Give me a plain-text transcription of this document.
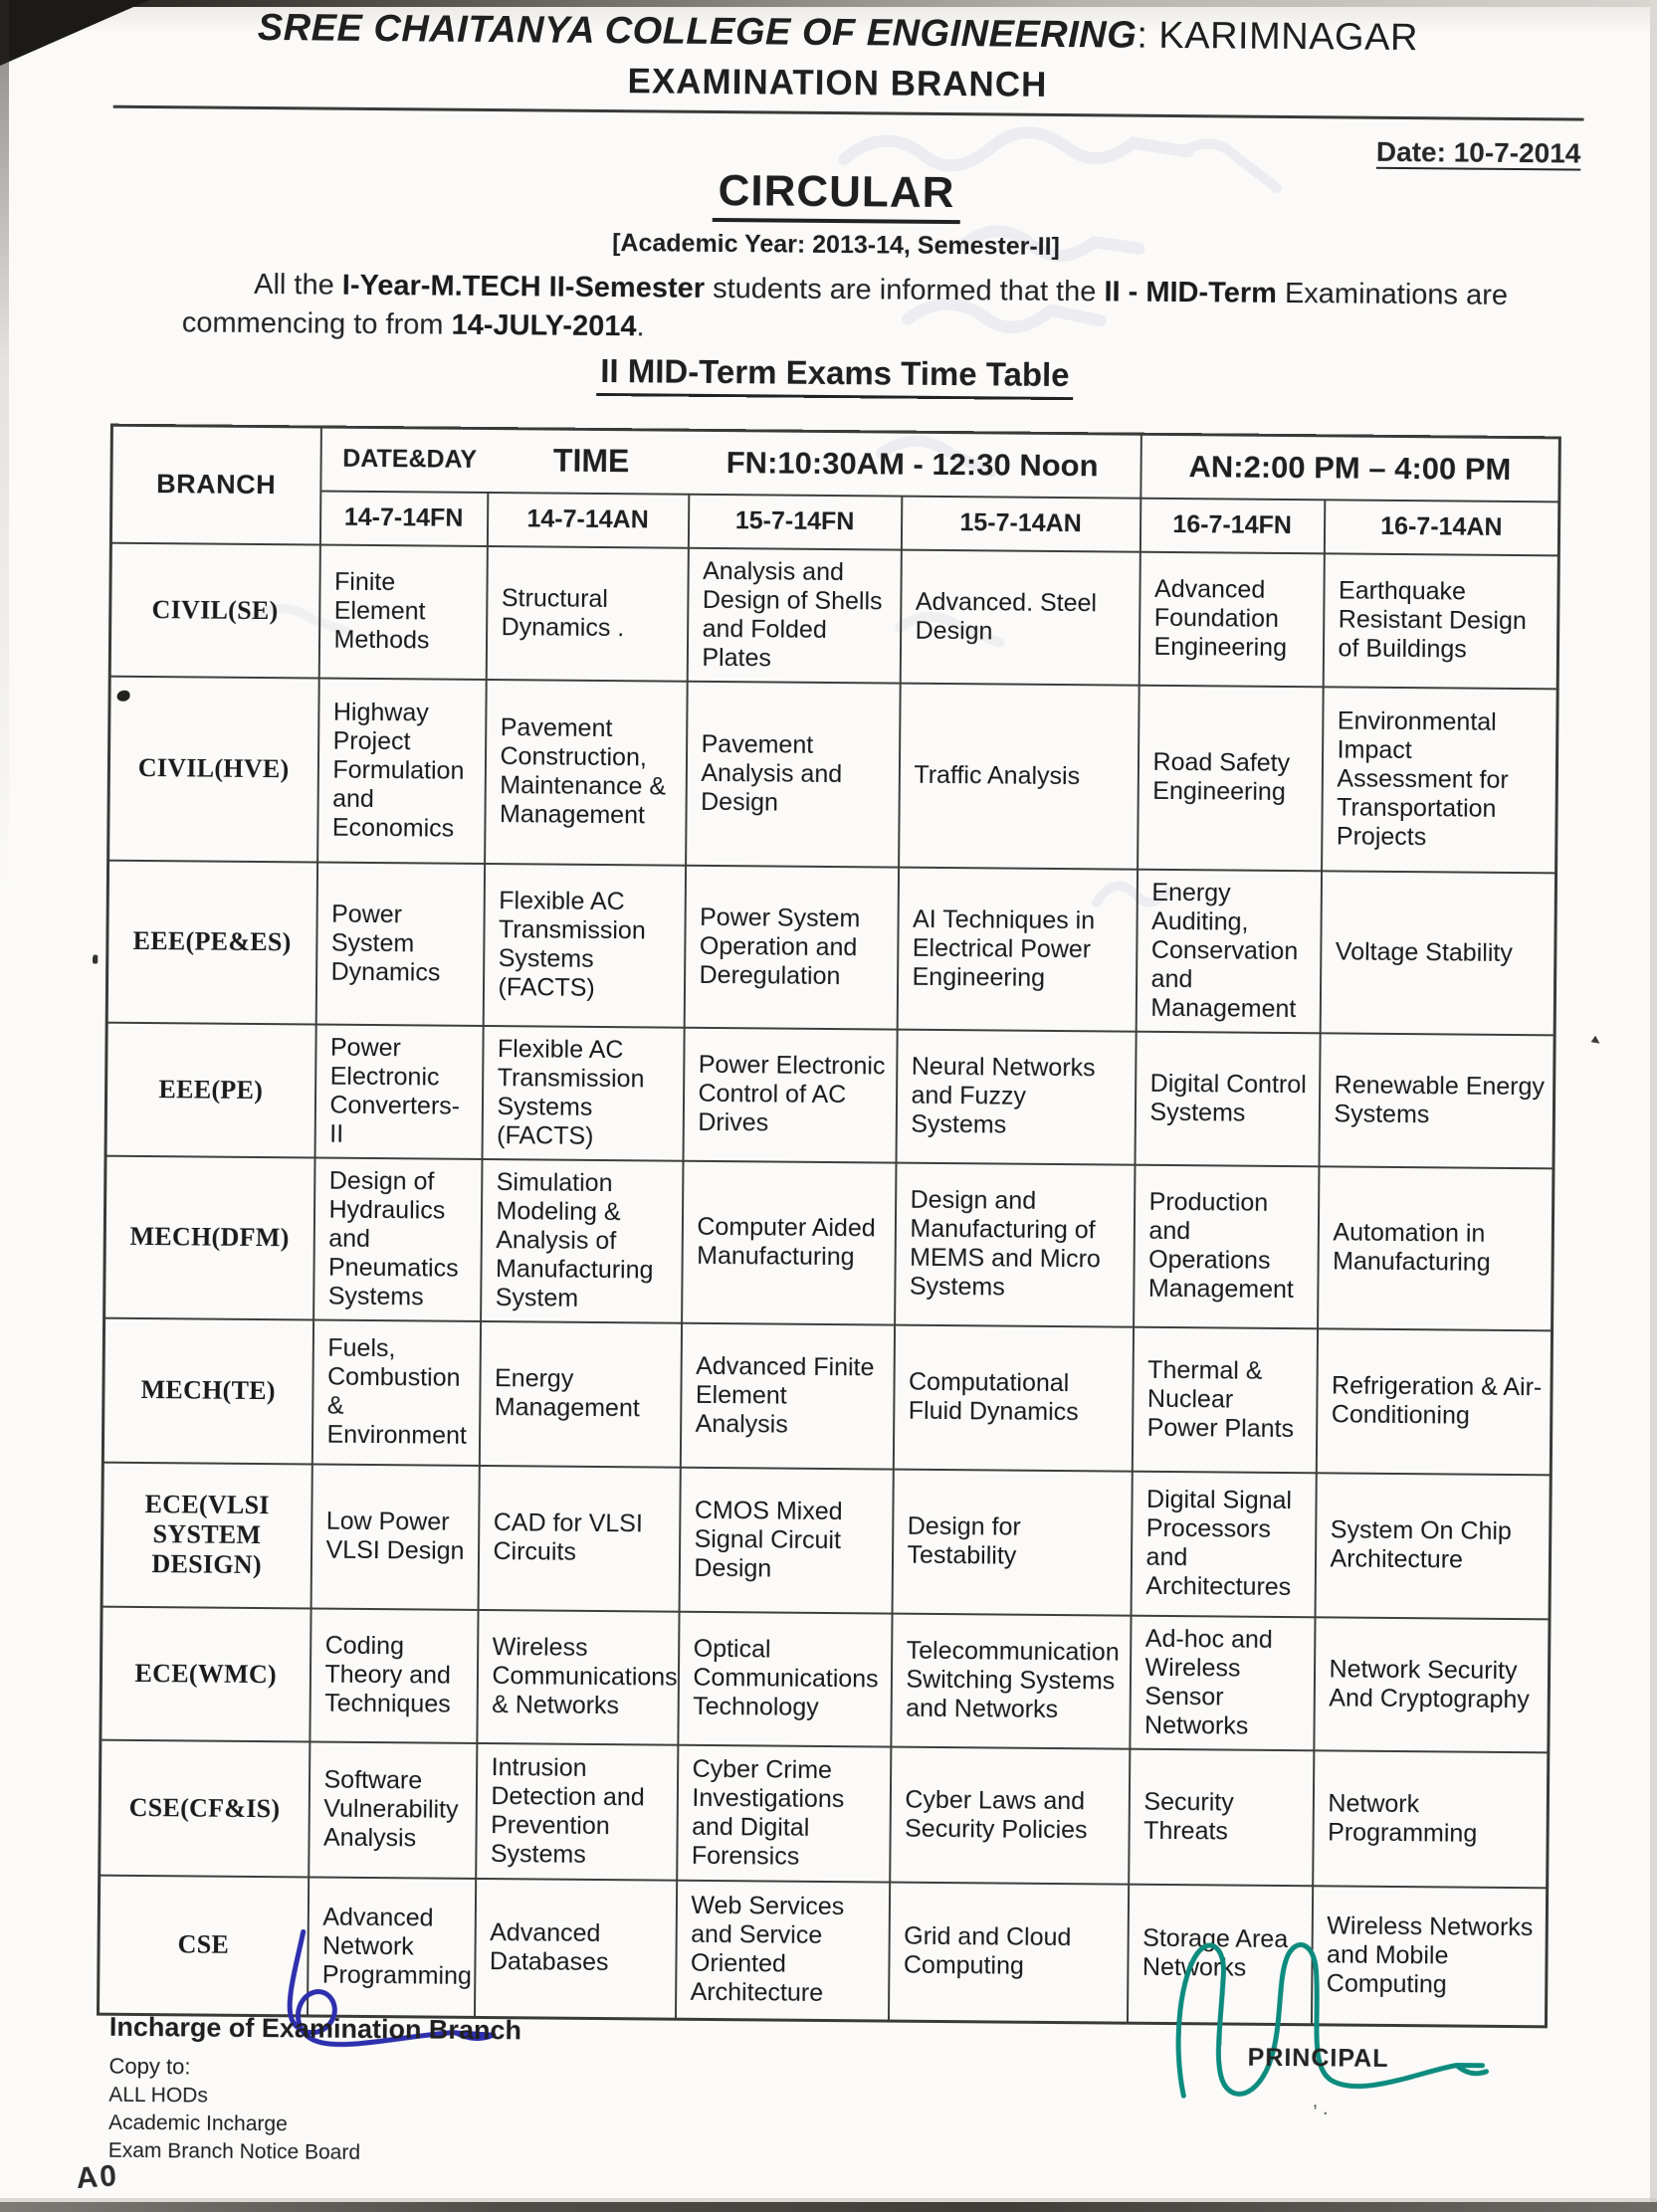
SREE CHAITANYA COLLEGE OF ENGINEERING: KARIMNAGAR
EXAMINATION BRANCH
Date: 10-7-2014
CIRCULAR
[Academic Year: 2013-14, Semester-II]
All the I-Year-M.TECH II-Semester students are informed that the II - MID-Term Examinations are commencing to from 14-JULY-2014.
II MID-Term Exams Time Table
BRANCH	DATE&DAY TIME FN:10:30AM - 12:30 Noon				AN:2:00 PM – 4:00 PM	
	14-7-14FN	14-7-14AN	15-7-14FN	15-7-14AN	16-7-14FN	16-7-14AN
CIVIL(SE)	Finite Element Methods	Structural Dynamics .	Analysis and Design of Shells and Folded Plates	Advanced. Steel Design	Advanced Foundation Engineering	Earthquake Resistant Design of Buildings
CIVIL(HVE)	Highway Project Formulation and Economics	Pavement Construction, Maintenance & Management	Pavement Analysis and Design	Traffic Analysis	Road Safety Engineering	Environmental Impact Assessment for Transportation Projects
EEE(PE&ES)	Power System Dynamics	Flexible AC Transmission Systems (FACTS)	Power System Operation and Deregulation	AI Techniques in Electrical Power Engineering	Energy Auditing, Conservation and Management	Voltage Stability
EEE(PE)	Power Electronic Converters-II	Flexible AC Transmission Systems (FACTS)	Power Electronic Control of AC Drives	Neural Networks and Fuzzy Systems	Digital Control Systems	Renewable Energy Systems
MECH(DFM)	Design of Hydraulics and Pneumatics Systems	Simulation Modeling & Analysis of Manufacturing System	Computer Aided Manufacturing	Design and Manufacturing of MEMS and Micro Systems	Production and Operations Management	Automation in Manufacturing
MECH(TE)	Fuels, Combustion & Environment	Energy Management	Advanced Finite Element Analysis	Computational Fluid Dynamics	Thermal & Nuclear Power Plants	Refrigeration & Air- Conditioning
ECE(VLSI SYSTEM DESIGN)	Low Power VLSI Design	CAD for VLSI Circuits	CMOS Mixed Signal Circuit Design	Design for Testability	Digital Signal Processors and Architectures	System On Chip Architecture
ECE(WMC)	Coding Theory and Techniques	Wireless Communications & Networks	Optical Communications Technology	Telecommunication Switching Systems and Networks	Ad-hoc and Wireless Sensor Networks	Network Security And Cryptography
CSE(CF&IS)	Software Vulnerability Analysis	Intrusion Detection and Prevention Systems	Cyber Crime Investigations and Digital Forensics	Cyber Laws and Security Policies	Security Threats	Network Programming
CSE	Advanced Network Programming	Advanced Databases	Web Services and Service Oriented Architecture	Grid and Cloud Computing	Storage Area Networks	Wireless Networks and Mobile Computing
Incharge of Examination Branch
Copy to:
ALL HODs
Academic Incharge
Exam Branch Notice Board
A0
PRINCIPAL
’ ·
